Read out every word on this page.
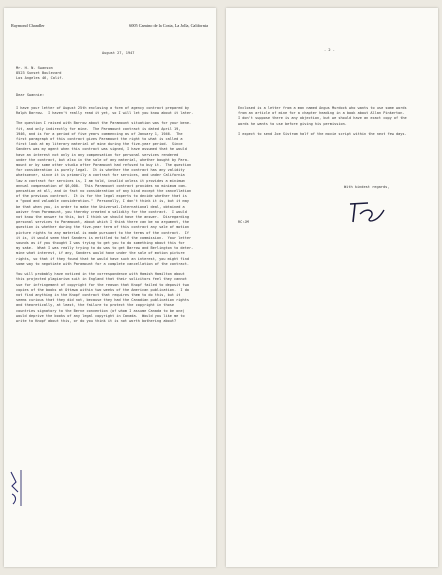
Raymond Chandler	6005 Camino de la Costa, La Jolla, California
August 27, 1947
Mr. H. N. Swanson
8523 Sunset Boulevard
Los Angeles 46, Calif.
Dear Swannie:

I have your letter of August 25th enclosing a form of agency contract prepared by
Ralph Barrow.  I haven't really read it yet, so I will let you know about it later.

The question I raised with Barrow about the Paramount situation was for your bene-
fit, and only indirectly for mine.  The Paramount contract is dated April 19,
1946, and is for a period of five years commencing as of January 1, 1946.  The
first paragraph of this contract gives Paramount the right to what is called a
first look at my literary material of mine during the five-year period.  Since
Sanders was my agent when this contract was signed, I have assumed that he would
have an interest not only in any compensation for personal services rendered
under the contract, but also in the sale of any material, whether bought by Para-
mount or by some other studio after Paramount had refused to buy it.  The question
for consideration is purely legal.  It is whether the contract has any validity
whatsoever, since it is primarily a contract for services, and under California
law a contract for services is, I am told, invalid unless it provides a minimum
annual compensation of $6,000.  This Paramount contract provides no minimum com-
pensation at all, and in fact no consideration of any kind except the cancellation
of the previous contract.  It is for the legal experts to decide whether that is
a "good and valuable consideration."  Personally, I don't think it is, but it may
be that when you, in order to make the Universal-International deal, obtained a
waiver from Paramount, you thereby created a validity for the contract.  I would
not know the answer to this, but I think we should have the answer.  Disregarding
personal services to Paramount, about which I think there can be no argument, the
question is whether during the five-year term of this contract any sale of motion
picture rights to any material is made pursuant to the terms of the contract.  If
it is, it would seem that Sanders is entitled to half the commission.  Your letter
sounds as if you thought I was trying to get you to do something about this for
my sake.  What I was really trying to do was to get Barrow and Berlington to deter-
mine what interest, if any, Sanders would have under the sale of motion picture
rights, so that if they found that he would have such an interest, you might find
some way to negotiate with Paramount for a complete cancellation of the contract.

You will probably have noticed in the correspondence with Hamish Hamilton about
this projected plagiarism suit in England that their solicitors feel they cannot
sue for infringement of copyright for the reason that Knopf failed to deposit two
copies of the books at Ottawa within two weeks of the American publication.  I do
not find anything in the Knopf contract that requires them to do this, but it
seems curious that they did not, because they had the Canadian publication rights
and theoretically, at least, the failure to protect the copyright in those
countries signatory to the Berne convention (of whom I assume Canada to be one)
would deprive the books of any legal copyright in Canada.  Would you like me to
write to Knopf about this, or do you think it is not worth bothering about?

- 2 -

Enclosed is a letter from a man named Angus Murdock who wants to use some words
from an article of mine for a chapter heading in a book about Allan Pinkerton.
I don't suppose there is any objection, but we should have an exact copy of the
words he wants to use before giving his permission.

I expect to send Joe Sistrom half of the movie script within the next few days.

With kindest regards,
RC:JM
